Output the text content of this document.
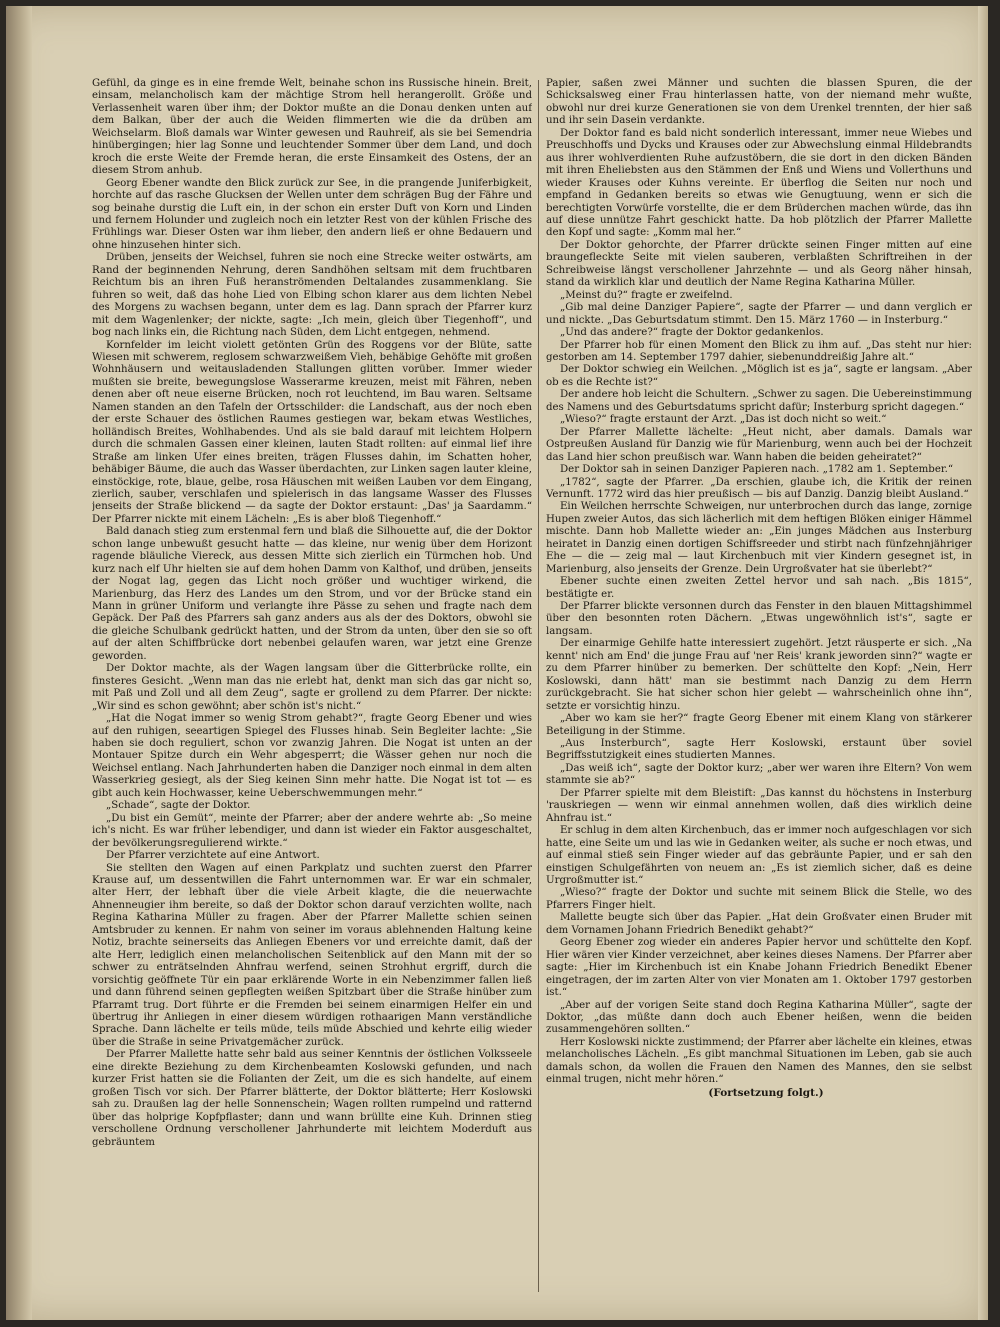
Gefühl, da ginge es in eine fremde Welt, beinahe schon ins Russische hinein. Breit, einsam, melancholisch kam der mächtige Strom hell herangerollt. Größe und Verlassenheit waren über ihm; der Doktor mußte an die Donau denken unten auf dem Balkan, über der auch die Weiden flimmerten wie die da drüben am Weichselarm. Bloß damals war Winter gewesen und Rauhreif, als sie bei Semendria hinübergingen; hier lag Sonne und leuchtender Sommer über dem Land, und doch kroch die erste Weite der Fremde heran, die erste Einsamkeit des Ostens, der an diesem Strom anhub.

Georg Ebener wandte den Blick zurück zur See, in die prangende Juniferbigkeit, horchte auf das rasche Glucksen der Wellen unter dem schrägen Bug der Fähre und sog beinahe durstig die Luft ein, in der schon ein erster Duft von Korn und Linden und fernem Holunder und zugleich noch ein letzter Rest von der kühlen Frische des Frühlings war. Dieser Osten war ihm lieber, den andern ließ er ohne Bedauern und ohne hinzusehen hinter sich.

Drüben, jenseits der Weichsel, fuhren sie noch eine Strecke weiter ostwärts, am Rand der beginnenden Nehrung, deren Sandhöhen seltsam mit dem fruchtbaren Reichtum bis an ihren Fuß heranströmenden Deltalandes zusammenklang. Sie fuhren so weit, daß das hohe Lied von Elbing schon klarer aus dem lichten Nebel des Morgens zu wachsen begann, unter dem es lag. Dann sprach der Pfarrer kurz mit dem Wagenlenker; der nickte, sagte: „Ich mein, gleich über Tiegenhoff“, und bog nach links ein, die Richtung nach Süden, dem Licht entgegen, nehmend.

Kornfelder im leicht violett getönten Grün des Roggens vor der Blüte, satte Wiesen mit schwerem, reglosem schwarzweißem Vieh, behäbige Gehöfte mit großen Wohnhäusern und weitausladenden Stallungen glitten vorüber. Immer wieder mußten sie breite, bewegungslose Wasserarme kreuzen, meist mit Fähren, neben denen aber oft neue eiserne Brücken, noch rot leuchtend, im Bau waren. Seltsame Namen standen an den Tafeln der Ortsschilder: die Landschaft, aus der noch eben der erste Schauer des östlichen Raumes gestiegen war, bekam etwas Westliches, holländisch Breites, Wohlhabendes. Und als sie bald darauf mit leichtem Holpern durch die schmalen Gassen einer kleinen, lauten Stadt rollten: auf einmal lief ihre Straße am linken Ufer eines breiten, trägen Flusses dahin, im Schatten hoher, behäbiger Bäume, die auch das Wasser überdachten, zur Linken sagen lauter kleine, einstöckige, rote, blaue, gelbe, rosa Häuschen mit weißen Lauben vor dem Eingang, zierlich, sauber, verschlafen und spielerisch in das langsame Wasser des Flusses jenseits der Straße blickend — da sagte der Doktor erstaunt: „Das' ja Saardamm.“ Der Pfarrer nickte mit einem Lächeln: „Es is aber bloß Tiegenhoff.“

Bald danach stieg zum erstenmal fern und blaß die Silhouette auf, die der Doktor schon lange unbewußt gesucht hatte — das kleine, nur wenig über dem Horizont ragende bläuliche Viereck, aus dessen Mitte sich zierlich ein Türmchen hob. Und kurz nach elf Uhr hielten sie auf dem hohen Damm von Kalthof, und drüben, jenseits der Nogat lag, gegen das Licht noch größer und wuchtiger wirkend, die Marienburg, das Herz des Landes um den Strom, und vor der Brücke stand ein Mann in grüner Uniform und verlangte ihre Pässe zu sehen und fragte nach dem Gepäck. Der Paß des Pfarrers sah ganz anders aus als der des Doktors, obwohl sie die gleiche Schulbank gedrückt hatten, und der Strom da unten, über den sie so oft auf der alten Schiffbrücke dort nebenbei gelaufen waren, war jetzt eine Grenze geworden.

Der Doktor machte, als der Wagen langsam über die Gitterbrücke rollte, ein finsteres Gesicht. „Wenn man das nie erlebt hat, denkt man sich das gar nicht so, mit Paß und Zoll und all dem Zeug“, sagte er grollend zu dem Pfarrer. Der nickte: „Wir sind es schon gewöhnt; aber schön ist's nicht.“

„Hat die Nogat immer so wenig Strom gehabt?“, fragte Georg Ebener und wies auf den ruhigen, seeartigen Spiegel des Flusses hinab. Sein Begleiter lachte: „Sie haben sie doch reguliert, schon vor zwanzig Jahren. Die Nogat ist unten an der Montauer Spitze durch ein Wehr abgesperrt; die Wässer gehen nur noch die Weichsel entlang. Nach Jahrhunderten haben die Danziger noch einmal in dem alten Wasserkrieg gesiegt, als der Sieg keinen Sinn mehr hatte. Die Nogat ist tot — es gibt auch kein Hochwasser, keine Ueberschwemmungen mehr.“

„Schade“, sagte der Doktor.

„Du bist ein Gemüt“, meinte der Pfarrer; aber der andere wehrte ab: „So meine ich's nicht. Es war früher lebendiger, und dann ist wieder ein Faktor ausgeschaltet, der bevölkerungsregulierend wirkte.“

Der Pfarrer verzichtete auf eine Antwort.

Sie stellten den Wagen auf einen Parkplatz und suchten zuerst den Pfarrer Krause auf, um dessentwillen die Fahrt unternommen war. Er war ein schmaler, alter Herr, der lebhaft über die viele Arbeit klagte, die die neuerwachte Ahnenneugier ihm bereite, so daß der Doktor schon darauf verzichten wollte, nach Regina Katharina Müller zu fragen. Aber der Pfarrer Mallette schien seinen Amtsbruder zu kennen. Er nahm von seiner im voraus ablehnenden Haltung keine Notiz, brachte seinerseits das Anliegen Ebeners vor und erreichte damit, daß der alte Herr, lediglich einen melancholischen Seitenblick auf den Mann mit der so schwer zu enträtselnden Ahnfrau werfend, seinen Strohhut ergriff, durch die vorsichtig geöffnete Tür ein paar erklärende Worte in ein Nebenzimmer fallen ließ und dann führend seinen gepflegten weißen Spitzbart über die Straße hinüber zum Pfarramt trug. Dort führte er die Fremden bei seinem einarmigen Helfer ein und übertrug ihr Anliegen in einer diesem würdigen rothaarigen Mann verständliche Sprache. Dann lächelte er teils müde, teils müde Abschied und kehrte eilig wieder über die Straße in seine Privatgemächer zurück.

Der Pfarrer Mallette hatte sehr bald aus seiner Kenntnis der östlichen Volksseele eine direkte Beziehung zu dem Kirchenbeamten Koslowski gefunden, und nach kurzer Frist hatten sie die Folianten der Zeit, um die es sich handelte, auf einem großen Tisch vor sich. Der Pfarrer blätterte, der Doktor blätterte; Herr Koslowski sah zu. Draußen lag der helle Sonnenschein; Wagen rollten rumpelnd und ratternd über das holprige Kopfpflaster; dann und wann brüllte eine Kuh. Drinnen stieg verschollene Ordnung verschollener Jahrhunderte mit leichtem Moderduft aus gebräuntem

Papier, saßen zwei Männer und suchten die blassen Spuren, die der Schicksalsweg einer Frau hinterlassen hatte, von der niemand mehr wußte, obwohl nur drei kurze Generationen sie von dem Urenkel trennten, der hier saß und ihr sein Dasein verdankte.

Der Doktor fand es bald nicht sonderlich interessant, immer neue Wiebes und Preuschhoffs und Dycks und Krauses oder zur Abwechslung einmal Hildebrandts aus ihrer wohlverdienten Ruhe aufzustöbern, die sie dort in den dicken Bänden mit ihren Eheliebsten aus den Stämmen der Enß und Wiens und Vollerthuns und wieder Krauses oder Kuhns vereinte. Er überflog die Seiten nur noch und empfand in Gedanken bereits so etwas wie Genugtuung, wenn er sich die berechtigten Vorwürfe vorstellte, die er dem Brüderchen machen würde, das ihn auf diese unnütze Fahrt geschickt hatte. Da hob plötzlich der Pfarrer Mallette den Kopf und sagte: „Komm mal her.“

Der Doktor gehorchte, der Pfarrer drückte seinen Finger mitten auf eine braungefleckte Seite mit vielen sauberen, verblaßten Schriftreihen in der Schreibweise längst verschollener Jahrzehnte — und als Georg näher hinsah, stand da wirklich klar und deutlich der Name Regina Katharina Müller.

„Meinst du?“ fragte er zweifelnd.

„Gib mal deine Danziger Papiere“, sagte der Pfarrer — und dann verglich er und nickte. „Das Geburtsdatum stimmt. Den 15. März 1760 — in Insterburg.“

„Und das andere?“ fragte der Doktor gedankenlos.

Der Pfarrer hob für einen Moment den Blick zu ihm auf. „Das steht nur hier: gestorben am 14. September 1797 dahier, siebenunddreißig Jahre alt.“

Der Doktor schwieg ein Weilchen. „Möglich ist es ja“, sagte er langsam. „Aber ob es die Rechte ist?“

Der andere hob leicht die Schultern. „Schwer zu sagen. Die Uebereinstimmung des Namens und des Geburtsdatums spricht dafür; Insterburg spricht dagegen.“

„Wieso?“ fragte erstaunt der Arzt. „Das ist doch nicht so weit.“

Der Pfarrer Mallette lächelte: „Heut nicht, aber damals. Damals war Ostpreußen Ausland für Danzig wie für Marienburg, wenn auch bei der Hochzeit das Land hier schon preußisch war. Wann haben die beiden geheiratet?“

Der Doktor sah in seinen Danziger Papieren nach. „1782 am 1. September.“

„1782“, sagte der Pfarrer. „Da erschien, glaube ich, die Kritik der reinen Vernunft. 1772 wird das hier preußisch — bis auf Danzig. Danzig bleibt Ausland.“

Ein Weilchen herrschte Schweigen, nur unterbrochen durch das lange, zornige Hupen zweier Autos, das sich lächerlich mit dem heftigen Blöken einiger Hämmel mischte. Dann hob Mallette wieder an: „Ein junges Mädchen aus Insterburg heiratet in Danzig einen dortigen Schiffsreeder und stirbt nach fünfzehnjähriger Ehe — die — zeig mal — laut Kirchenbuch mit vier Kindern gesegnet ist, in Marienburg, also jenseits der Grenze. Dein Urgroßvater hat sie überlebt?“

Ebener suchte einen zweiten Zettel hervor und sah nach. „Bis 1815“, bestätigte er.

Der Pfarrer blickte versonnen durch das Fenster in den blauen Mittagshimmel über den besonnten roten Dächern. „Etwas ungewöhnlich ist's“, sagte er langsam.

Der einarmige Gehilfe hatte interessiert zugehört. Jetzt räusperte er sich. „Na kennt' nich am End' die junge Frau auf 'ner Reis' krank jeworden sinn?“ wagte er zu dem Pfarrer hinüber zu bemerken. Der schüttelte den Kopf: „Nein, Herr Koslowski, dann hätt' man sie bestimmt nach Danzig zu dem Herrn zurückgebracht. Sie hat sicher schon hier gelebt — wahrscheinlich ohne ihn“, setzte er vorsichtig hinzu.

„Aber wo kam sie her?“ fragte Georg Ebener mit einem Klang von stärkerer Beteiligung in der Stimme.

„Aus Insterburch“, sagte Herr Koslowski, erstaunt über soviel Begriffsstutzigkeit eines studierten Mannes.

„Das weiß ich“, sagte der Doktor kurz; „aber wer waren ihre Eltern? Von wem stammte sie ab?“

Der Pfarrer spielte mit dem Bleistift: „Das kannst du höchstens in Insterburg 'rauskriegen — wenn wir einmal annehmen wollen, daß dies wirklich deine Ahnfrau ist.“

Er schlug in dem alten Kirchenbuch, das er immer noch aufgeschlagen vor sich hatte, eine Seite um und las wie in Gedanken weiter, als suche er noch etwas, und auf einmal stieß sein Finger wieder auf das gebräunte Papier, und er sah den einstigen Schulgefährten von neuem an: „Es ist ziemlich sicher, daß es deine Urgroßmutter ist.“

„Wieso?“ fragte der Doktor und suchte mit seinem Blick die Stelle, wo des Pfarrers Finger hielt.

Mallette beugte sich über das Papier. „Hat dein Großvater einen Bruder mit dem Vornamen Johann Friedrich Benedikt gehabt?“

Georg Ebener zog wieder ein anderes Papier hervor und schüttelte den Kopf. Hier wären vier Kinder verzeichnet, aber keines dieses Namens. Der Pfarrer aber sagte: „Hier im Kirchenbuch ist ein Knabe Johann Friedrich Benedikt Ebener eingetragen, der im zarten Alter von vier Monaten am 1. Oktober 1797 gestorben ist.“

„Aber auf der vorigen Seite stand doch Regina Katharina Müller“, sagte der Doktor, „das müßte dann doch auch Ebener heißen, wenn die beiden zusammengehören sollten.“

Herr Koslowski nickte zustimmend; der Pfarrer aber lächelte ein kleines, etwas melancholisches Lächeln. „Es gibt manchmal Situationen im Leben, gab sie auch damals schon, da wollen die Frauen den Namen des Mannes, den sie selbst einmal trugen, nicht mehr hören.“

(Fortsetzung folgt.)
